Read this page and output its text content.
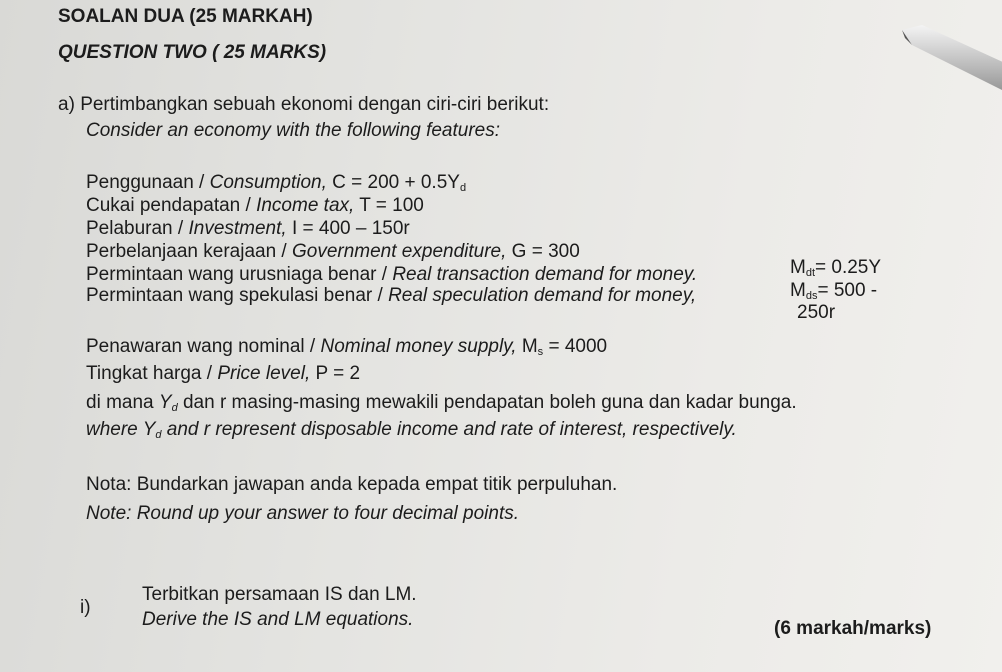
SOALAN DUA (25 MARKAH)
QUESTION TWO ( 25 MARKS)
a) Pertimbangkan sebuah ekonomi dengan ciri-ciri berikut:
Consider an economy with the following features:
Penggunaan / Consumption, $C = 200 + 0.5Y_d$
Cukai pendapatan / Income tax, T = 100
Pelaburan / Investment, I = 400 – 150r
Perbelanjaan kerajaan / Government expenditure, G = 300
Permintaan wang urusniaga benar / Real transaction demand for money.	$M_{dt}= 0.25Y$
Permintaan wang spekulasi benar / Real speculation demand for money,	$M_{ds}= 500$ -
250r
Penawaran wang nominal / Nominal money supply, $M_s = 4000$
Tingkat harga / Price level, P = 2
di mana $Y_d$ dan r masing-masing mewakili pendapatan boleh guna dan kadar bunga.
where $Y_d$ and r represent disposable income and rate of interest, respectively.
Nota: Bundarkan jawapan anda kepada empat titik perpuluhan.
Note: Round up your answer to four decimal points.
i)
Terbitkan persamaan IS dan LM.
Derive the IS and LM equations.	(6 markah/marks)
